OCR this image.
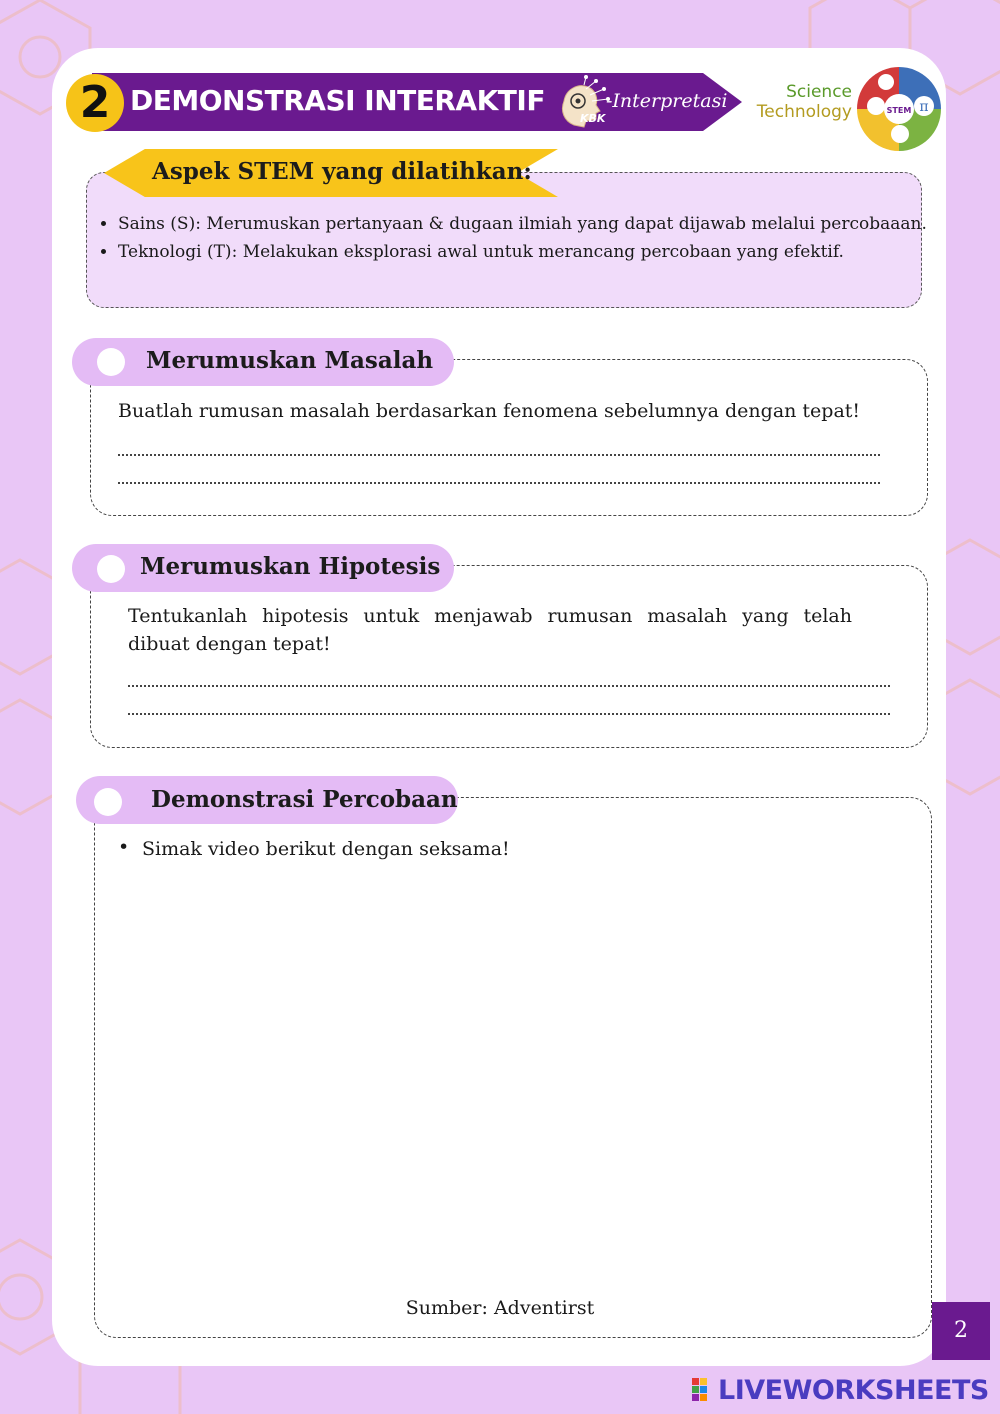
2 DEMONSTRASI INTERAKTIF
KBK
-Interpretasi	Science
Technology	STEM π
Aspek STEM yang dilatihkan:
• Sains (S): Merumuskan pertanyaan & dugaan ilmiah yang dapat dijawab melalui percobaaan.
• Teknologi (T): Melakukan eksplorasi awal untuk merancang percobaan yang efektif.
Merumuskan Masalah
Buatlah rumusan masalah berdasarkan fenomena sebelumnya dengan tepat!
Merumuskan Hipotesis
Tentukanlah hipotesis untuk menjawab rumusan masalah yang telah dibuat dengan tepat!
Demonstrasi Percobaan
• Simak video berikut dengan seksama!
Sumber: Adventirst
2
LIVEWORKSHEETS
